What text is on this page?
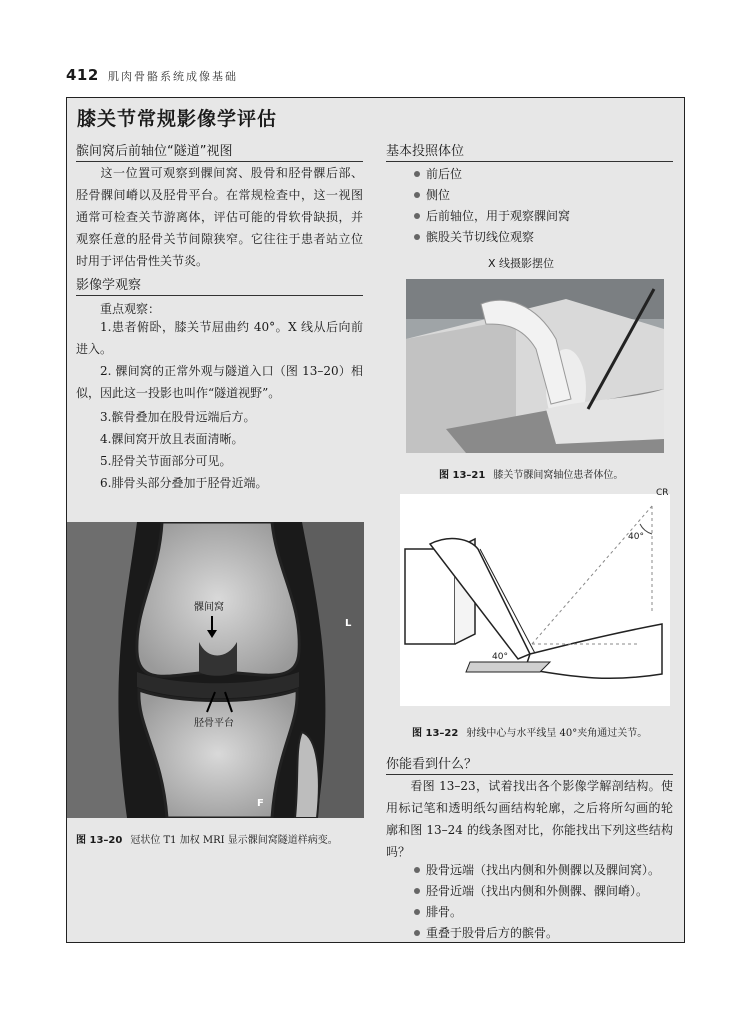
412 肌肉骨骼系统成像基础
膝关节常规影像学评估
髌间窝后前轴位“隧道”视图
这一位置可观察到髁间窝、股骨和胫骨髁后部、胫骨髁间嵴以及胫骨平台。在常规检查中，这一视图通常可检查关节游离体，评估可能的骨软骨缺损，并观察任意的胫骨关节间隙狭窄。它往往于患者站立位时用于评估骨性关节炎。
影像学观察
重点观察：
1.患者俯卧，膝关节屈曲约 40°。X 线从后向前进入。
2. 髁间窝的正常外观与隧道入口（图 13–20）相似，因此这一投影也叫作“隧道视野”。
3.髌骨叠加在股骨远端后方。
4.髁间窝开放且表面清晰。
5.胫骨关节面部分可见。
6.腓骨头部分叠加于胫骨近端。
髁间窝
胫骨平台
L
F
图 13–20 冠状位 T1 加权 MRI 显示髁间窝隧道样病变。
基本投照体位
前后位
侧位
后前轴位，用于观察髁间窝
髌股关节切线位观察
X 线摄影摆位
图 13–21 膝关节髁间窝轴位患者体位。
CR
40°
40°
图 13–22 射线中心与水平线呈 40°夹角通过关节。
你能看到什么？
看图 13–23，试着找出各个影像学解剖结构。使用标记笔和透明纸勾画结构轮廓，之后将所勾画的轮廓和图 13–24 的线条图对比，你能找出下列这些结构吗？
股骨远端（找出内侧和外侧髁以及髁间窝）。
胫骨近端（找出内侧和外侧髁、髁间嵴）。
腓骨。
重叠于股骨后方的髌骨。
